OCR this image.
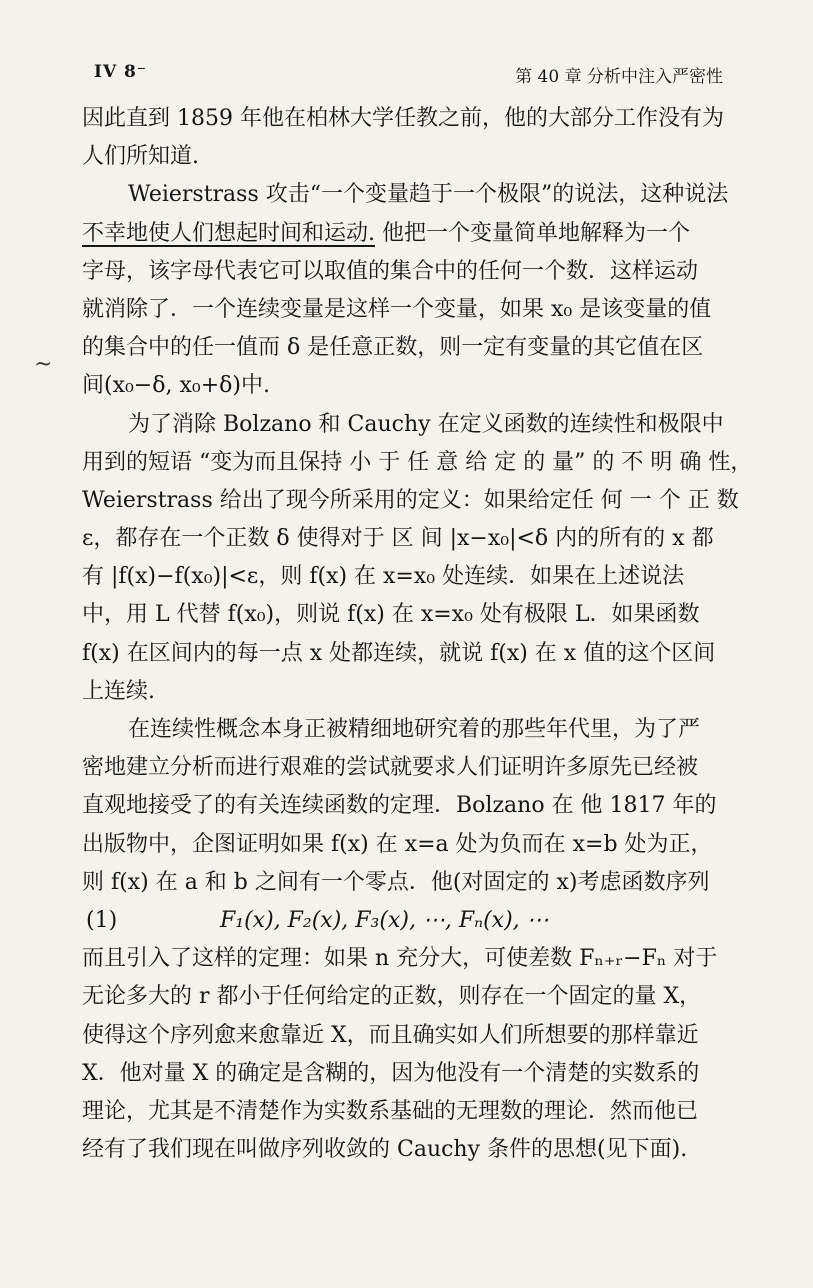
IV 8⁻	第 40 章 分析中注入严密性
~
因此直到 1859 年他在柏林大学任教之前，他的大部分工作没有为
人们所知道.
Weierstrass 攻击“一个变量趋于一个极限”的说法，这种说法
不幸地使人们想起时间和运动. 他把一个变量简单地解释为一个
字母，该字母代表它可以取值的集合中的任何一个数．这样运动
就消除了．一个连续变量是这样一个变量，如果 x₀ 是该变量的值
的集合中的任一值而 δ 是任意正数，则一定有变量的其它值在区
间(x₀−δ, x₀+δ)中.
为了消除 Bolzano 和 Cauchy 在定义函数的连续性和极限中
用到的短语 “变为而且保持 小 于 任 意 给 定 的 量” 的 不 明 确 性，
Weierstrass 给出了现今所采用的定义：如果给定任 何 一 个 正 数
ε，都存在一个正数 δ 使得对于 区 间 |x−x₀|<δ 内的所有的 x 都
有 |f(x)−f(x₀)|<ε，则 f(x) 在 x=x₀ 处连续．如果在上述说法
中，用 L 代替 f(x₀)，则说 f(x) 在 x=x₀ 处有极限 L．如果函数
f(x) 在区间内的每一点 x 处都连续，就说 f(x) 在 x 值的这个区间
上连续.
在连续性概念本身正被精细地研究着的那些年代里，为了严
密地建立分析而进行艰难的尝试就要求人们证明许多原先已经被
直观地接受了的有关连续函数的定理．Bolzano 在 他 1817 年的
出版物中，企图证明如果 f(x) 在 x=a 处为负而在 x=b 处为正，
则 f(x) 在 a 和 b 之间有一个零点．他(对固定的 x)考虑函数序列
(1)	F₁(x), F₂(x), F₃(x), ⋯, Fₙ(x), ⋯
而且引入了这样的定理：如果 n 充分大，可使差数 Fₙ₊ᵣ−Fₙ 对于
无论多大的 r 都小于任何给定的正数，则存在一个固定的量 X，
使得这个序列愈来愈靠近 X，而且确实如人们所想要的那样靠近
X．他对量 X 的确定是含糊的，因为他没有一个清楚的实数系的
理论，尤其是不清楚作为实数系基础的无理数的理论．然而他已
经有了我们现在叫做序列收敛的 Cauchy 条件的思想(见下面).
